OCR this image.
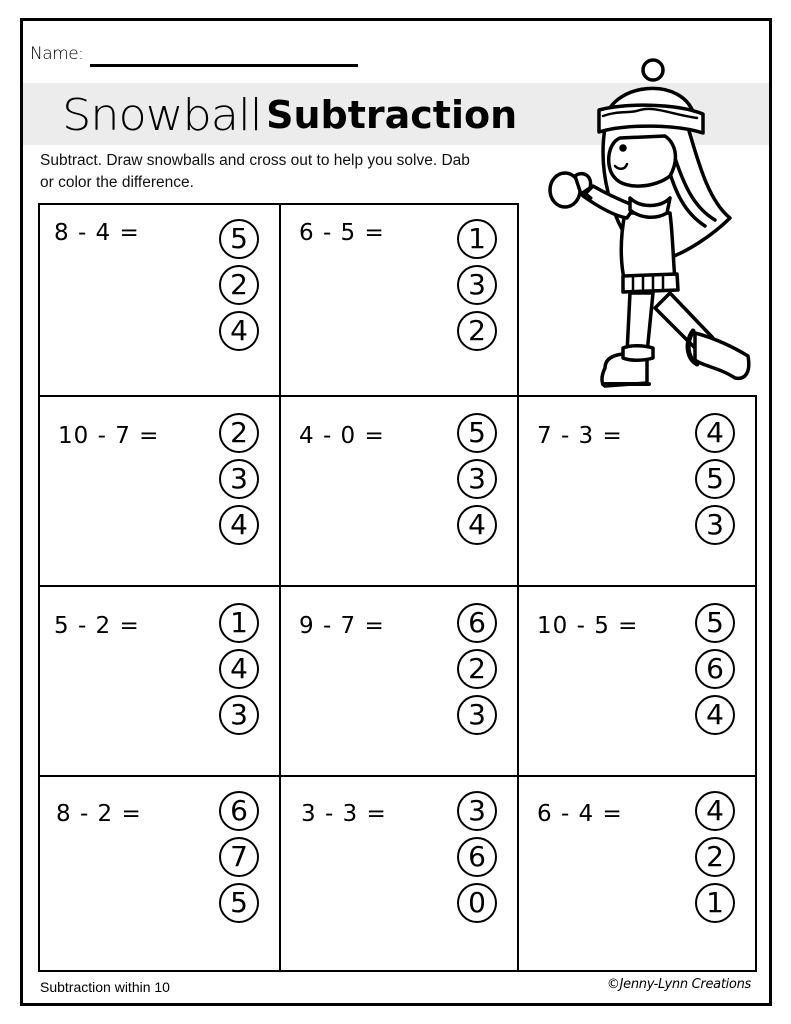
Name:
Snowball Subtraction
Subtract. Draw snowballs and cross out to help you solve. Dab or color the difference.
8 - 4 =	5
2
4
6 - 5 =	1
3
2
10 - 7 =	2
3
4
4 - 0 =	5
3
4
7 - 3 =	4
5
3
5 - 2 =	1
4
3
9 - 7 =	6
2
3
10 - 5 =	5
6
4
8 - 2 =	6
7
5
3 - 3 =	3
6
0
6 - 4 =	4
2
1
Subtraction within 10	©Jenny-Lynn Creations
